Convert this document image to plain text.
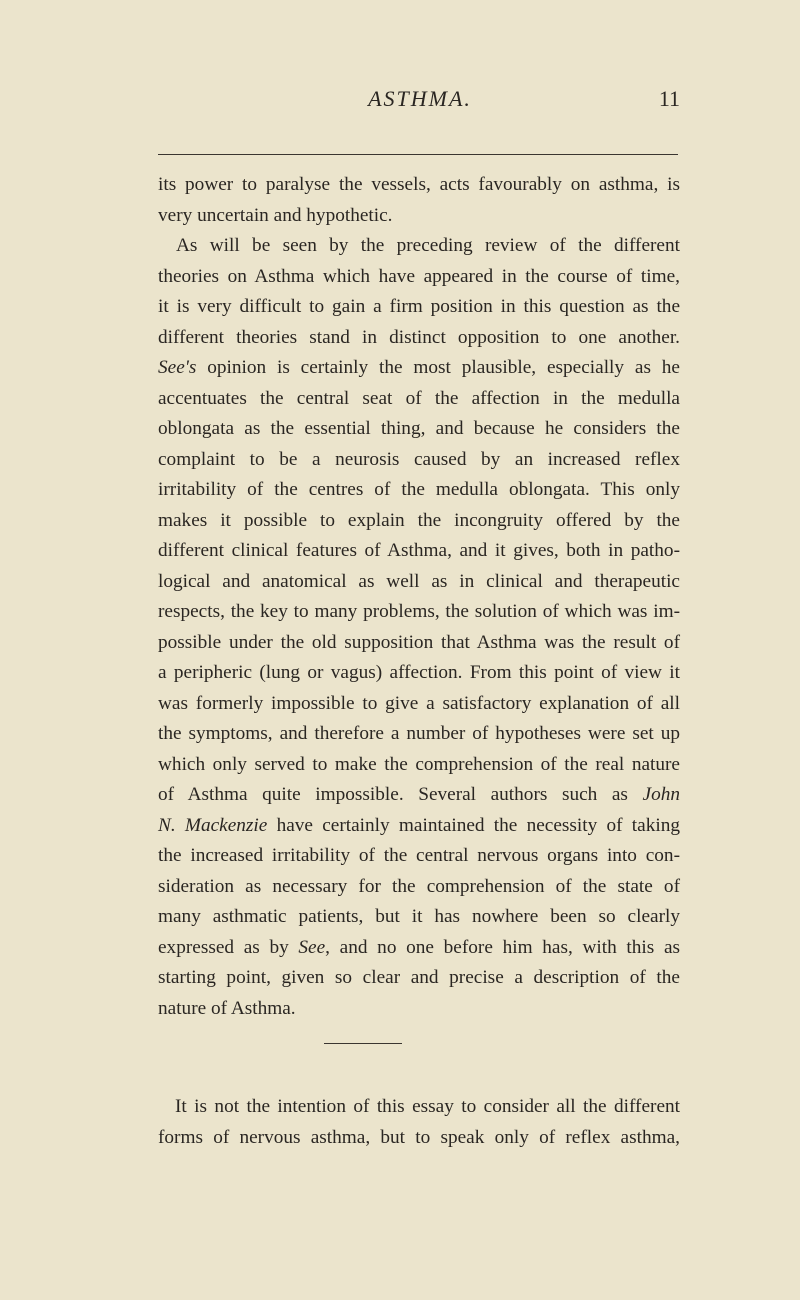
ASTHMA.	11
its power to paralyse the vessels, acts favourably on asthma, is
very uncertain and hypothetic.
As will be seen by the preceding review of the different
theories on Asthma which have appeared in the course of time,
it is very difficult to gain a firm position in this question as the
different theories stand in distinct opposition to one another.
See's opinion is certainly the most plausible, especially as he
accentuates the central seat of the affection in the medulla
oblongata as the essential thing, and because he considers the
complaint to be a neurosis caused by an increased reflex
irritability of the centres of the medulla oblongata. This only
makes it possible to explain the incongruity offered by the
different clinical features of Asthma, and it gives, both in patho-
logical and anatomical as well as in clinical and therapeutic
respects, the key to many problems, the solution of which was im-
possible under the old supposition that Asthma was the result of
a peripheric (lung or vagus) affection. From this point of view it
was formerly impossible to give a satisfactory explanation of all
the symptoms, and therefore a number of hypotheses were set up
which only served to make the comprehension of the real nature
of Asthma quite impossible. Several authors such as John
N. Mackenzie have certainly maintained the necessity of taking
the increased irritability of the central nervous organs into con-
sideration as necessary for the comprehension of the state of
many asthmatic patients, but it has nowhere been so clearly
expressed as by See, and no one before him has, with this as
starting point, given so clear and precise a description of the
nature of Asthma.
It is not the intention of this essay to consider all the different
forms of nervous asthma, but to speak only of reflex asthma,
